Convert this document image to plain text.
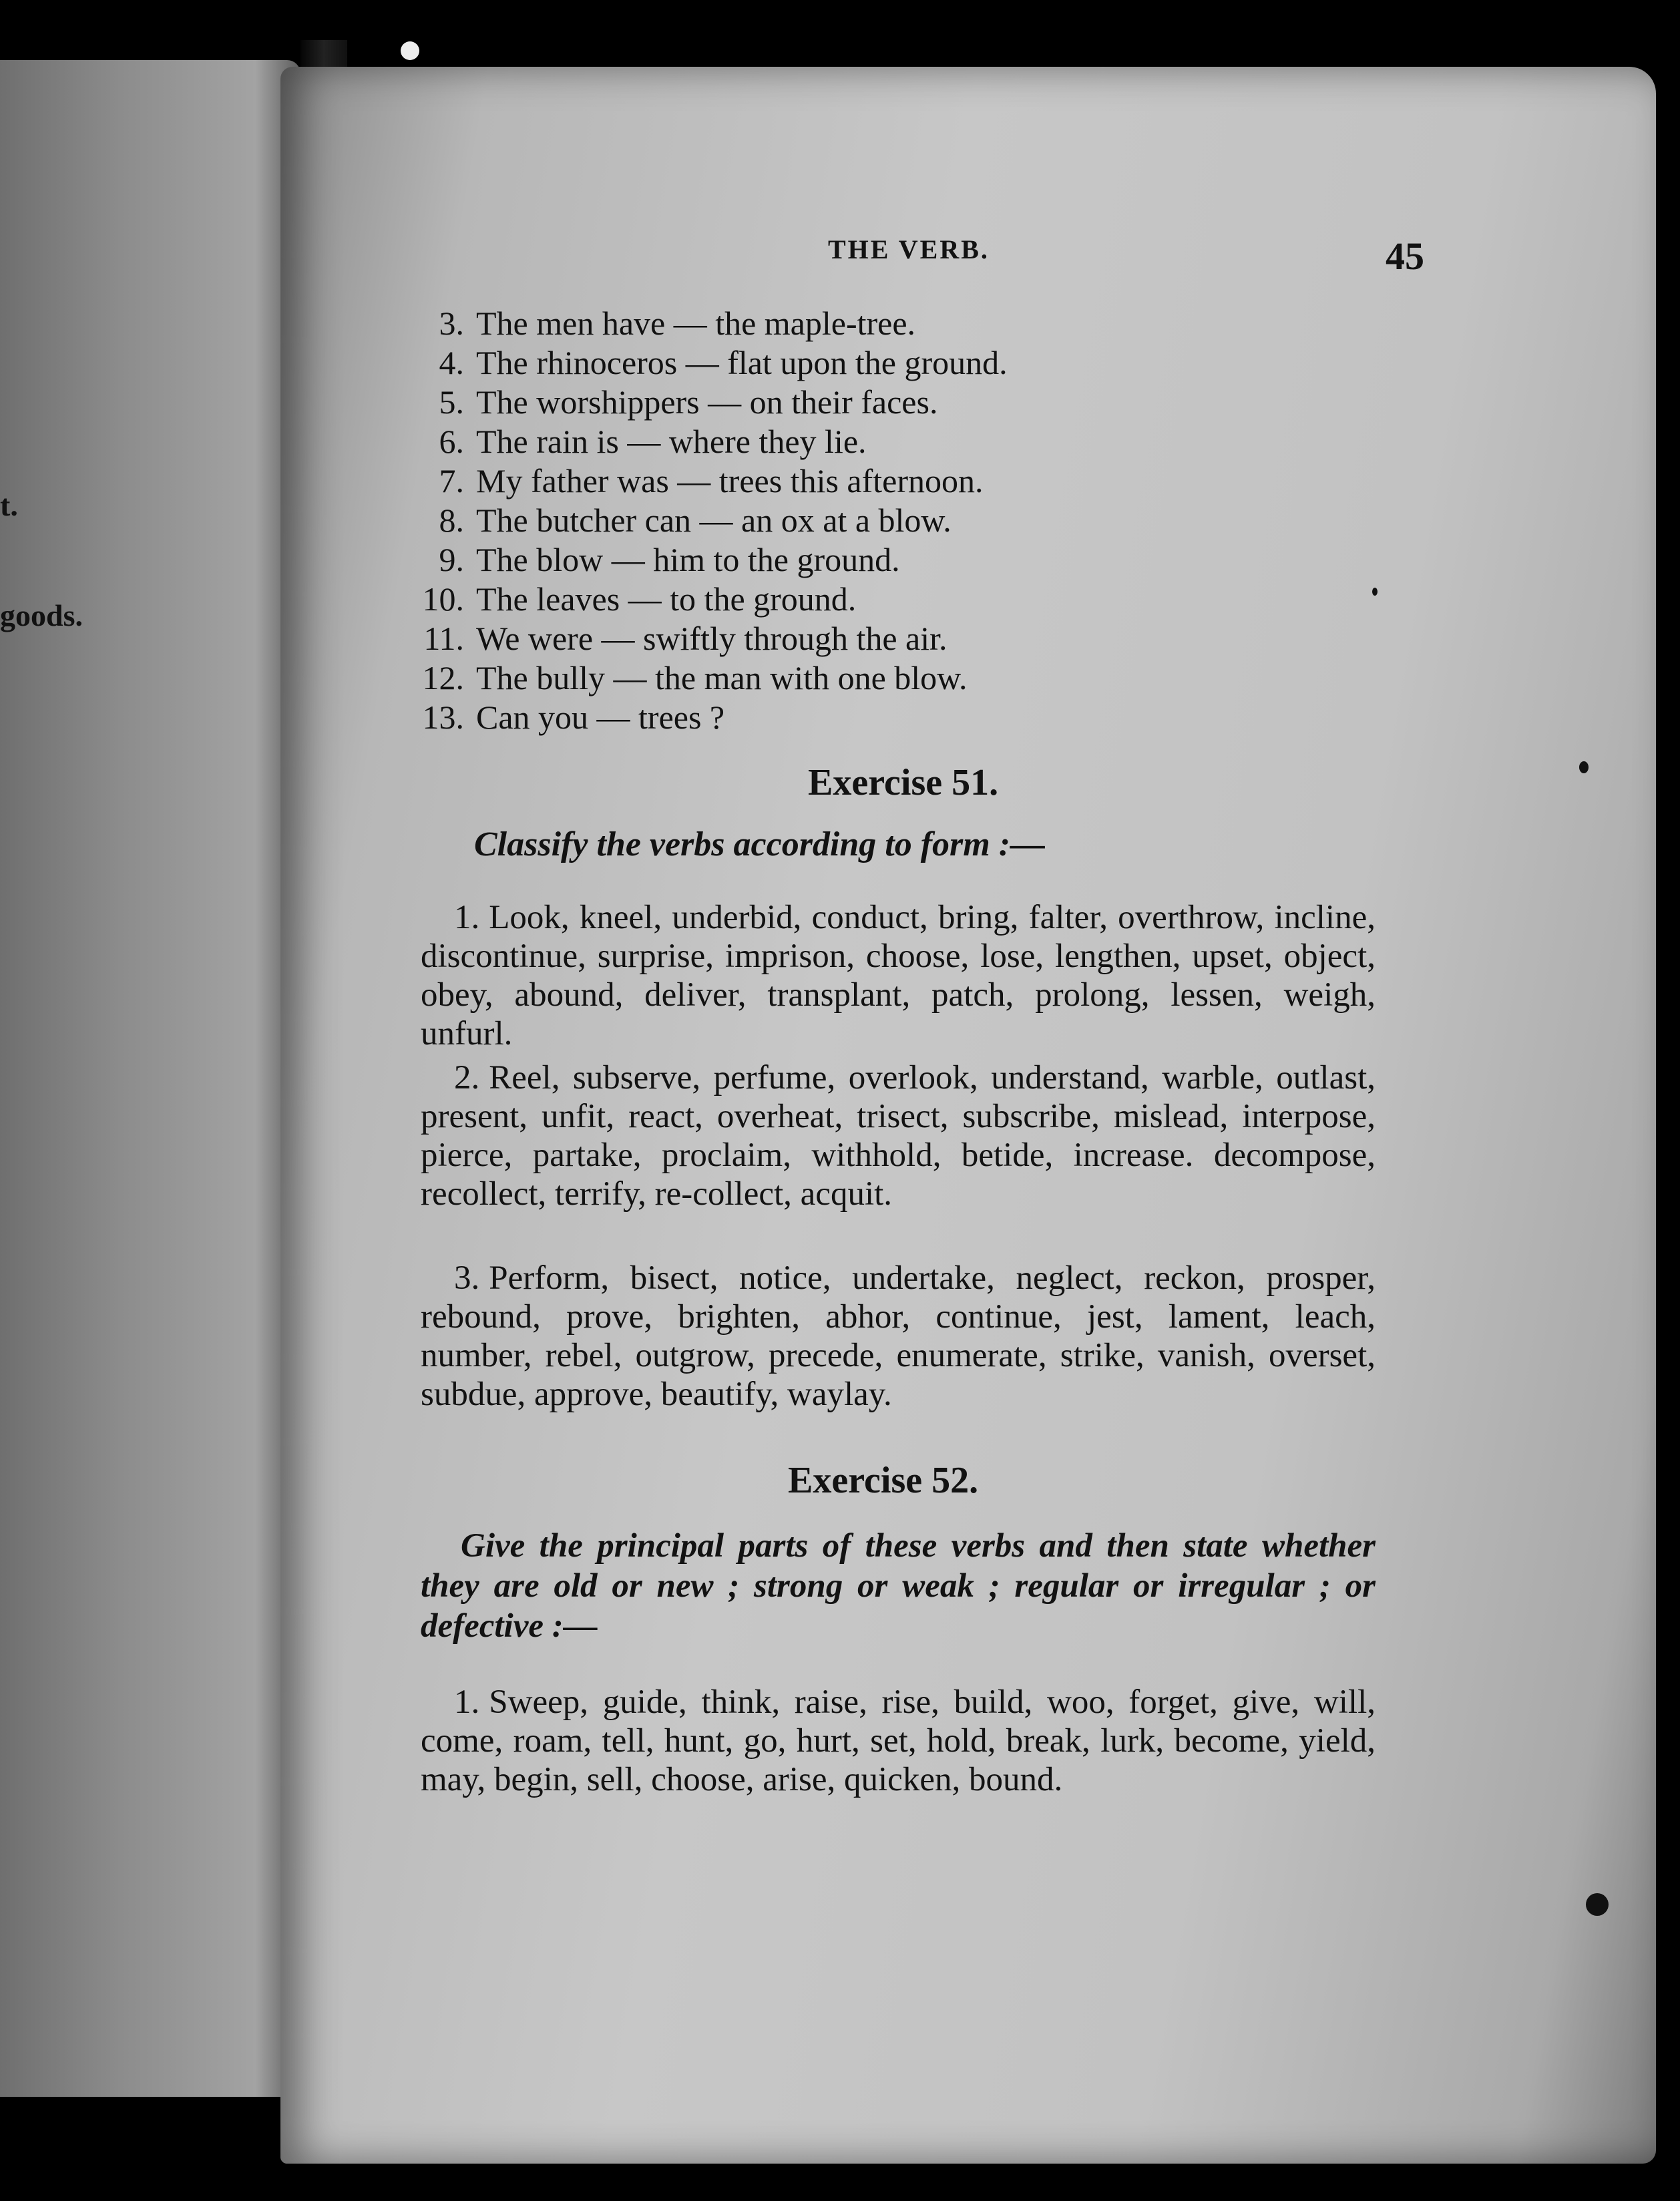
t.
goods.
THE VERB.	45
3. The men have — the maple-tree.
4. The rhinoceros — flat upon the ground.
5. The worshippers — on their faces.
6. The rain is — where they lie.
7. My father was — trees this afternoon.
8. The butcher can — an ox at a blow.
9. The blow — him to the ground.
10. The leaves — to the ground.
11. We were — swiftly through the air.
12. The bully — the man with one blow.
13. Can you — trees ?
Exercise 51.
Classify the verbs according to form :—
1. Look, kneel, underbid, conduct, bring, falter, overthrow, incline, discontinue, surprise, imprison, choose, lose, lengthen, upset, object, obey, abound, deliver, transplant, patch, prolong, lessen, weigh, unfurl.
2. Reel, subserve, perfume, overlook, understand, warble, outlast, present, unfit, react, overheat, trisect, subscribe, mislead, interpose, pierce, partake, proclaim, withhold, betide, increase. decompose, recollect, terrify, re-collect, acquit.
3. Perform, bisect, notice, undertake, neglect, reckon, prosper, rebound, prove, brighten, abhor, continue, jest, lament, leach, number, rebel, outgrow, precede, enumerate, strike, vanish, overset, subdue, approve, beautify, waylay.
Exercise 52.
Give the principal parts of these verbs and then state whether they are old or new ; strong or weak ; regular or irregular ; or defective :—
1. Sweep, guide, think, raise, rise, build, woo, forget, give, will, come, roam, tell, hunt, go, hurt, set, hold, break, lurk, become, yield, may, begin, sell, choose, arise, quicken, bound.
